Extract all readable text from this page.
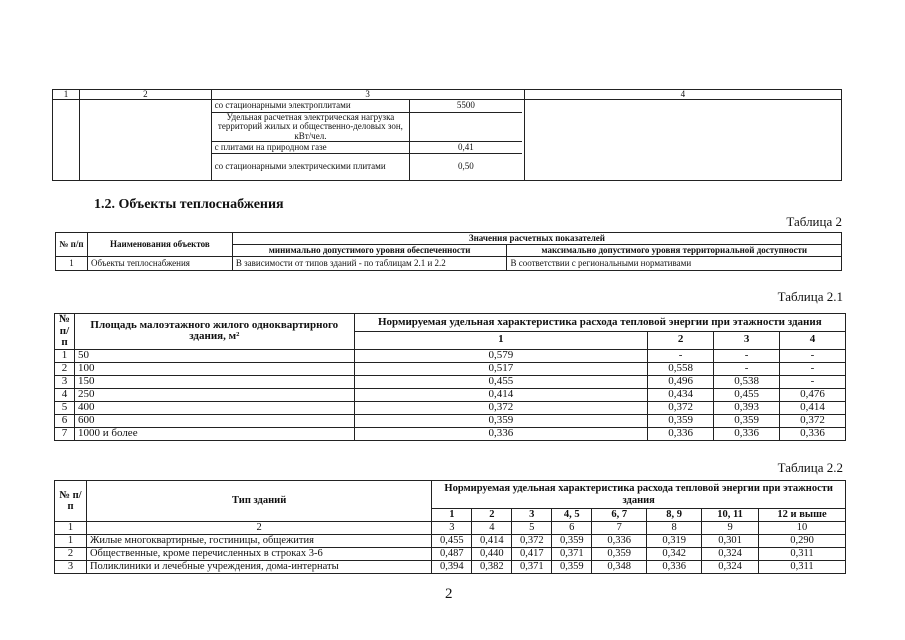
1	2	3	4

со стационарными электроплитами	5500
Удельная расчетная электрическая нагрузка территорий жилых и общественно-деловых зон, кВт/чел.	
с плитами на природном газе	0,41
со стационарными электрическими плитами	0,50

1.2. Объекты теплоснабжения
Таблица 2
№ п/п	Наименования объектов	Значения расчетных показателей	
		минимально допустимого уровня обеспеченности	максимально допустимого уровня территориальной доступности
1	Объекты теплоснабжения	В зависимости от типов зданий - по таблицам 2.1 и 2.2	В соответствии с региональными нормативами
Таблица 2.1
№ п/п	Площадь малоэтажного жилого одноквартирного здания, м²	Нормируемая удельная характеристика расхода тепловой энергии при этажности здания			
		1	2	3	4
1	50	0,579	-	-	-
2	100	0,517	0,558	-	-
3	150	0,455	0,496	0,538	-
4	250	0,414	0,434	0,455	0,476
5	400	0,372	0,372	0,393	0,414
6	600	0,359	0,359	0,359	0,372
7	1000 и более	0,336	0,336	0,336	0,336
Таблица 2.2
№ п/п	Тип зданий	Нормируемая удельная характеристика расхода тепловой энергии при этажности здания							
		1	2	3	4, 5	6, 7	8, 9	10, 11	12 и выше
1	2	3	4	5	6	7	8	9	10
1	Жилые многоквартирные, гостиницы, общежития	0,455	0,414	0,372	0,359	0,336	0,319	0,301	0,290
2	Общественные, кроме перечисленных в строках 3-6	0,487	0,440	0,417	0,371	0,359	0,342	0,324	0,311
3	Поликлиники и лечебные учреждения, дома-интернаты	0,394	0,382	0,371	0,359	0,348	0,336	0,324	0,311
2
